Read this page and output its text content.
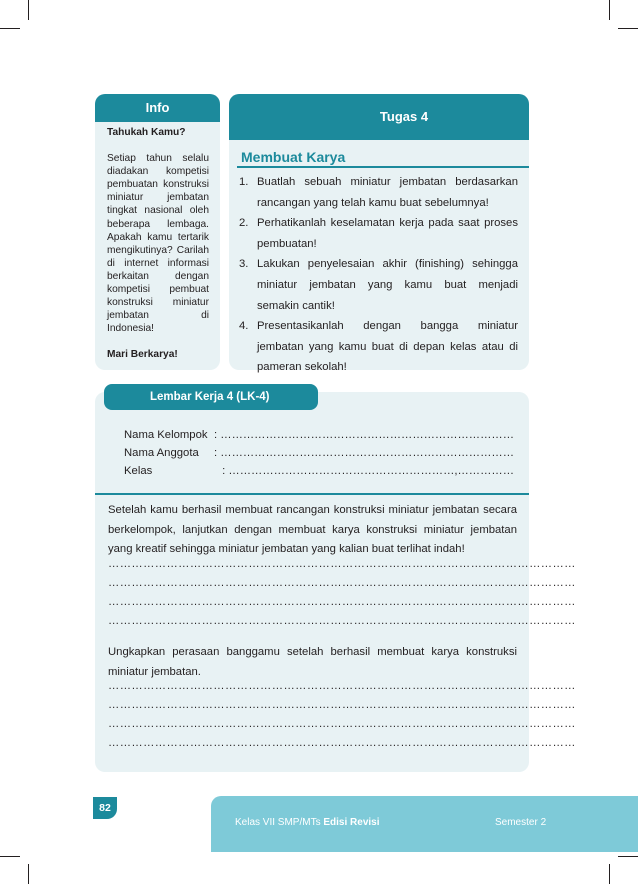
Info

Tahukah Kamu?

Setiap tahun selalu diadakan kompetisi pembuatan konstruksi miniatur jembatan tingkat nasional oleh beberapa lembaga. Apakah kamu tertarik mengikutinya? Carilah di internet informasi berkaitan dengan kompetisi pembuat konstruksi miniatur jembatan di Indonesia!

Mari Berkarya!

Tugas 4
Membuat Karya
1. Buatlah sebuah miniatur jembatan berdasarkan rancangan yang telah kamu buat sebelumnya!
2. Perhatikanlah keselamatan kerja pada saat proses pembuatan!
3. Lakukan penyelesaian akhir (finishing) sehingga miniatur jembatan yang kamu buat menjadi semakin cantik!
4. Presentasikanlah dengan bangga miniatur jembatan yang kamu buat di depan kelas atau di pameran sekolah!
Lembar Kerja 4 (LK-4)
Nama Kelompok : ……………………………………………………………………
Nama Anggota	: ……………………………………………………………………
Kelas	: ……………………………………………………,……………
Setelah kamu berhasil membuat rancangan konstruksi miniatur jembatan secara berkelompok, lanjutkan dengan membuat karya konstruksi miniatur jembatan yang kreatif sehingga miniatur jembatan yang kalian buat terlihat indah!
…………………………………………………………………………………………………………
…………………………………………………………………………………………………………
…………………………………………………………………………………………………………
…………………………………………………………………………………………………………
Ungkapkan perasaan banggamu setelah berhasil membuat karya konstruksi miniatur jembatan.
…………………………………………………………………………………………………………
…………………………………………………………………………………………………………
…………………………………………………………………………………………………………
…………………………………………………………………………………………………………
82
Kelas VII SMP/MTs Edisi Revisi	Semester 2
